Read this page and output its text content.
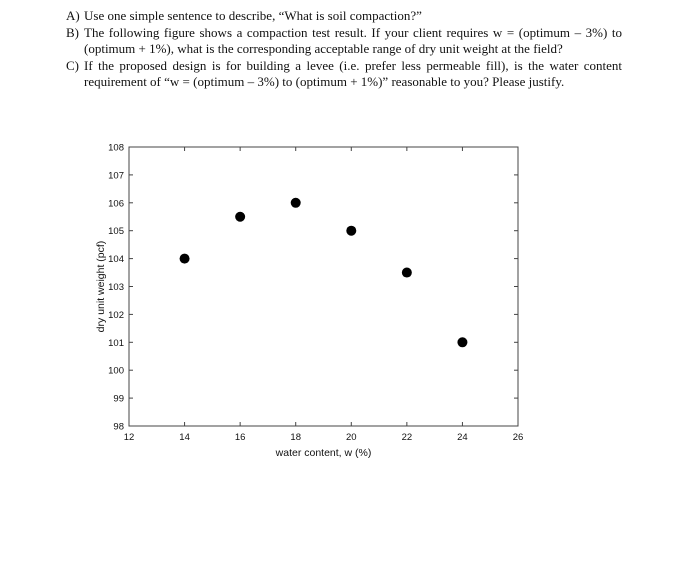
A) Use one simple sentence to describe, “What is soil compaction?”
B) The following figure shows a compaction test result. If your client requires w = (optimum – 3%) to (optimum + 1%), what is the corresponding acceptable range of dry unit weight at the field?
C) If the proposed design is for building a levee (i.e. prefer less permeable fill), is the water content requirement of “w = (optimum – 3%) to (optimum + 1%)” reasonable to you? Please justify.
12	14	16	18	20	22	24	26
98
99
100
101
102
103
104
105
106
107
108
water content, w (%)
dry unit weight (pcf)
